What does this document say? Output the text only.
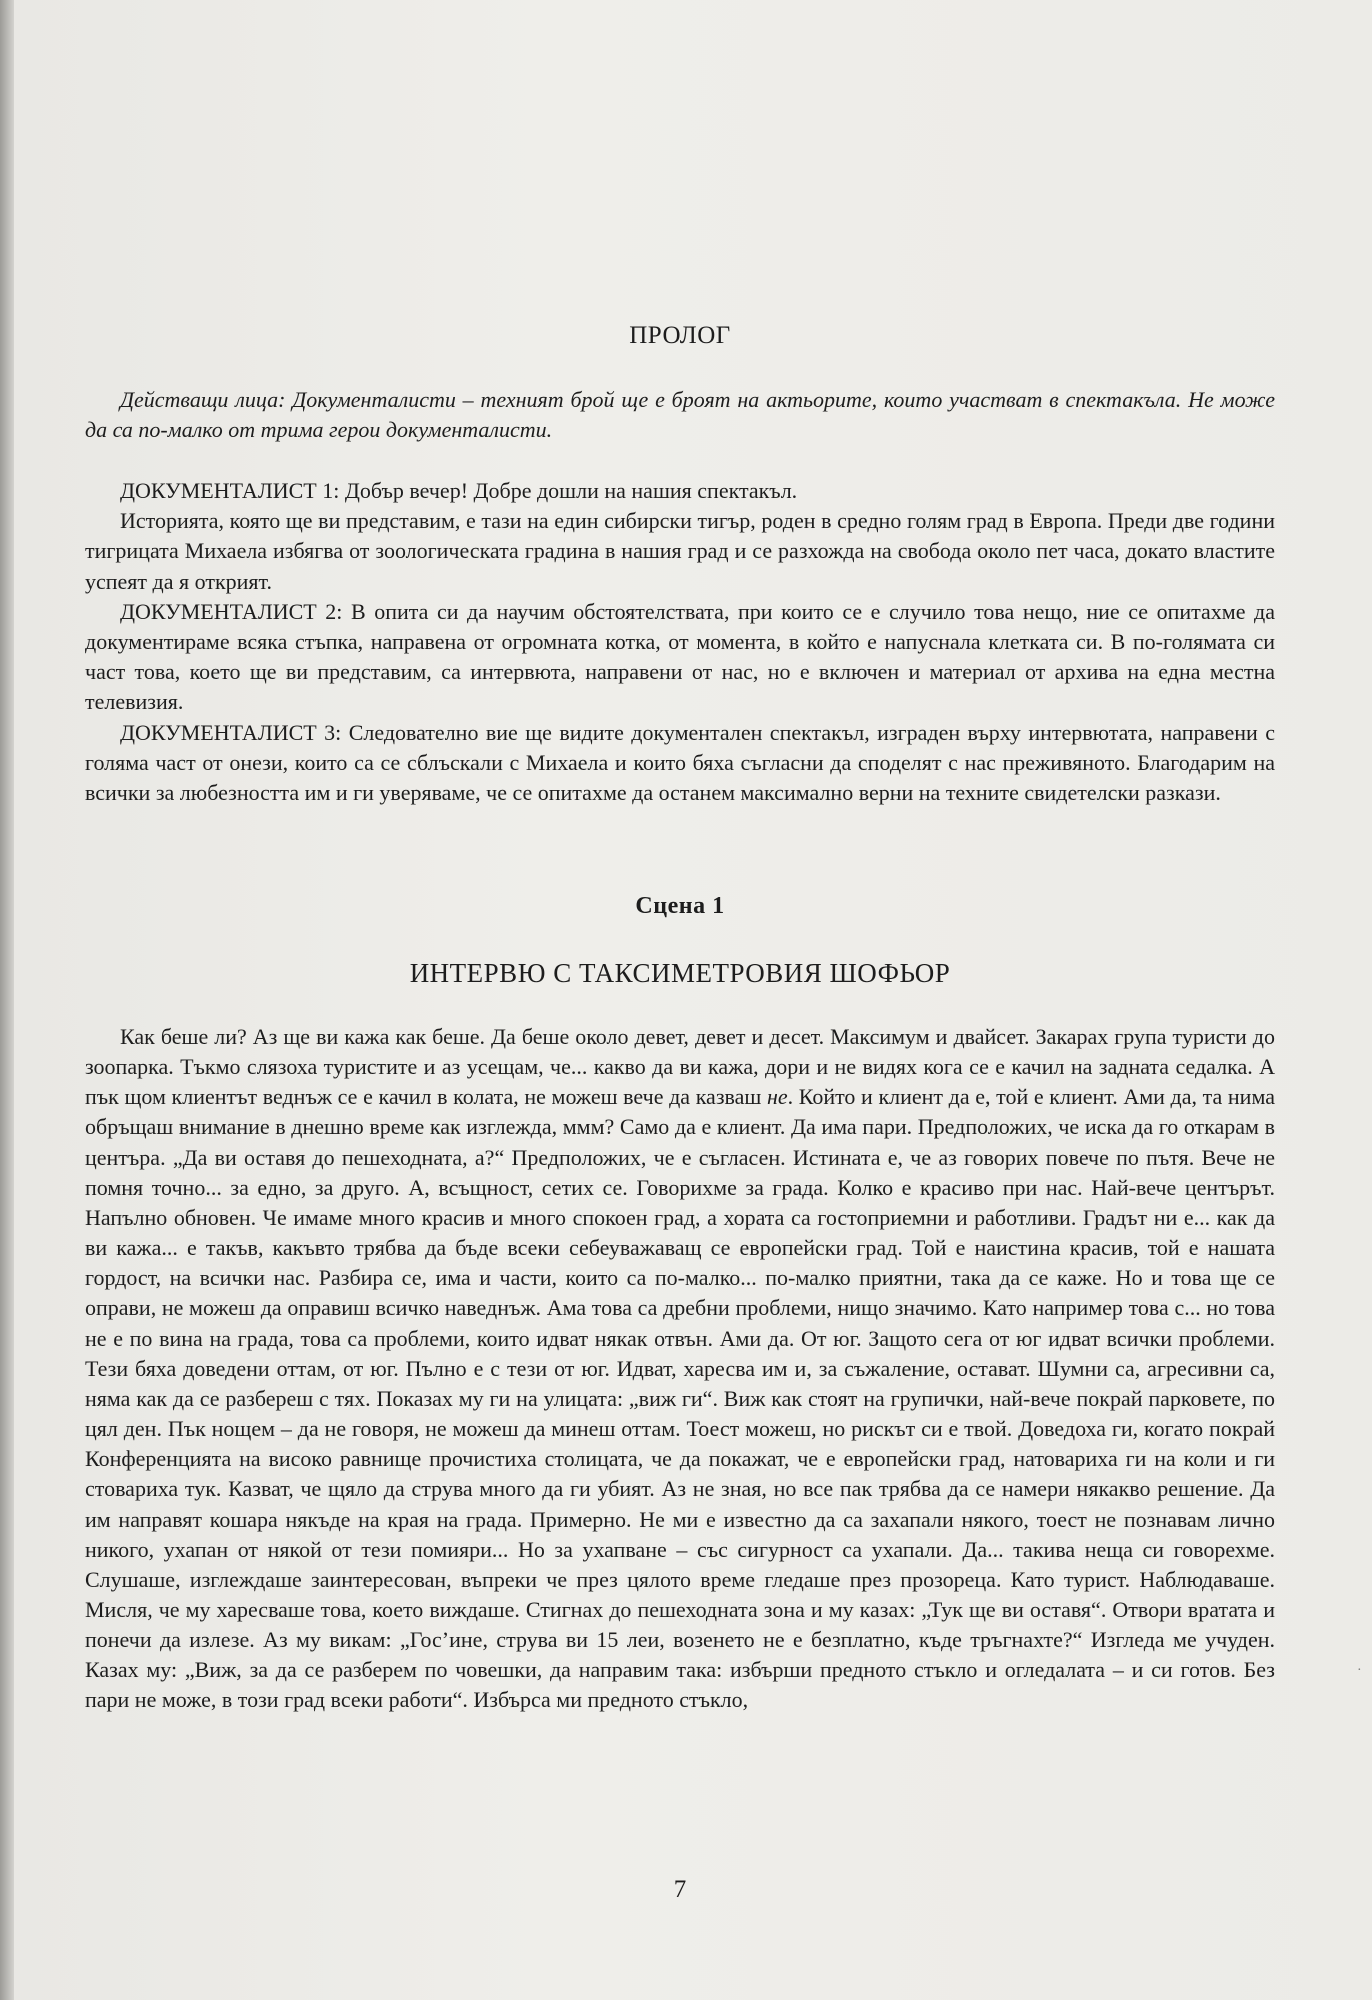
ПРОЛОГ

Действащи лица: Документалисти – техният брой ще е броят на актьорите, които участват в спектакъла. Не може да са по-малко от трима герои документалисти.

ДОКУМЕНТАЛИСТ 1: Добър вечер! Добре дошли на нашия спектакъл.

Историята, която ще ви представим, е тази на един сибирски тигър, роден в средно голям град в Европа. Преди две години тигрицата Михаела избягва от зоологическата градина в нашия град и се разхожда на свобода около пет часа, докато властите успеят да я открият.

ДОКУМЕНТАЛИСТ 2: В опита си да научим обстоятелствата, при които се е случило това нещо, ние се опитахме да документираме всяка стъпка, направена от огромната котка, от момента, в който е напуснала клетката си. В по-голямата си част това, което ще ви представим, са интервюта, направени от нас, но е включен и материал от архива на една местна телевизия.

ДОКУМЕНТАЛИСТ 3: Следователно вие ще видите документален спектакъл, изграден върху интервютата, направени с голяма част от онези, които са се сблъскали с Михаела и които бяха съгласни да споделят с нас преживяното. Благодарим на всички за любезността им и ги уверяваме, че се опитахме да останем максимално верни на техните свидетелски разкази.

Сцена 1
ИНТЕРВЮ С ТАКСИМЕТРОВИЯ ШОФЬОР

Как беше ли? Аз ще ви кажа как беше. Да беше около девет, девет и десет. Максимум и двайсет. Закарах група туристи до зоопарка. Тъкмо слязоха туристите и аз усещам, че... какво да ви кажа, дори и не видях кога се е качил на задната седалка. А пък щом клиентът веднъж се е качил в колата, не можеш вече да казваш не. Който и клиент да е, той е клиент. Ами да, та нима обръщаш внимание в днешно време как изглежда, ммм? Само да е клиент. Да има пари. Предположих, че иска да го откарам в центъра. „Да ви оставя до пешеходната, а?“ Предположих, че е съгласен. Истината е, че аз говорих повече по пътя. Вече не помня точно... за едно, за друго. А, всъщност, сетих се. Говорихме за града. Колко е красиво при нас. Най-вече центърът. Напълно обновен. Че имаме много красив и много спокоен град, а хората са гостоприемни и работливи. Градът ни е... как да ви кажа... е такъв, какъвто трябва да бъде всеки себеуважаващ се европейски град. Той е наистина красив, той е нашата гордост, на всички нас. Разбира се, има и части, които са по-малко... по-малко приятни, така да се каже. Но и това ще се оправи, не можеш да оправиш всичко наведнъж. Ама това са дребни проблеми, нищо значимо. Като например това с... но това не е по вина на града, това са проблеми, които идват някак отвън. Ами да. От юг. Защото сега от юг идват всички проблеми. Тези бяха доведени оттам, от юг. Пълно е с тези от юг. Идват, харесва им и, за съжаление, остават. Шумни са, агресивни са, няма как да се разбереш с тях. Показах му ги на улицата: „виж ги“. Виж как стоят на групички, най-вече покрай парковете, по цял ден. Пък нощем – да не говоря, не можеш да минеш оттам. Тоест можеш, но рискът си е твой. Доведоха ги, когато покрай Конференцията на високо равнище прочистиха столицата, че да покажат, че е европейски град, натовариха ги на коли и ги стовариха тук. Казват, че щяло да струва много да ги убият. Аз не зная, но все пак трябва да се намери някакво решение. Да им направят кошара някъде на края на града. Примерно. Не ми е известно да са захапали някого, тоест не познавам лично никого, ухапан от някой от тези помияри... Но за ухапване – със сигурност са ухапали. Да... такива неща си говорехме. Слушаше, изглеждаше заинтересован, въпреки че през цялото време гледаше през прозореца. Като турист. Наблюдаваше. Мисля, че му харесваше това, което виждаше. Стигнах до пешеходната зона и му казах: „Тук ще ви оставя“. Отвори вратата и понечи да излезе. Аз му викам: „Гос’ине, струва ви 15 леи, возенето не е безплатно, къде тръгнахте?“ Изгледа ме учуден. Казах му: „Виж, за да се разберем по човешки, да направим така: избърши предното стъкло и огледалата – и си готов. Без пари не може, в този град всеки работи“. Избърса ми предното стъкло,

7
·
